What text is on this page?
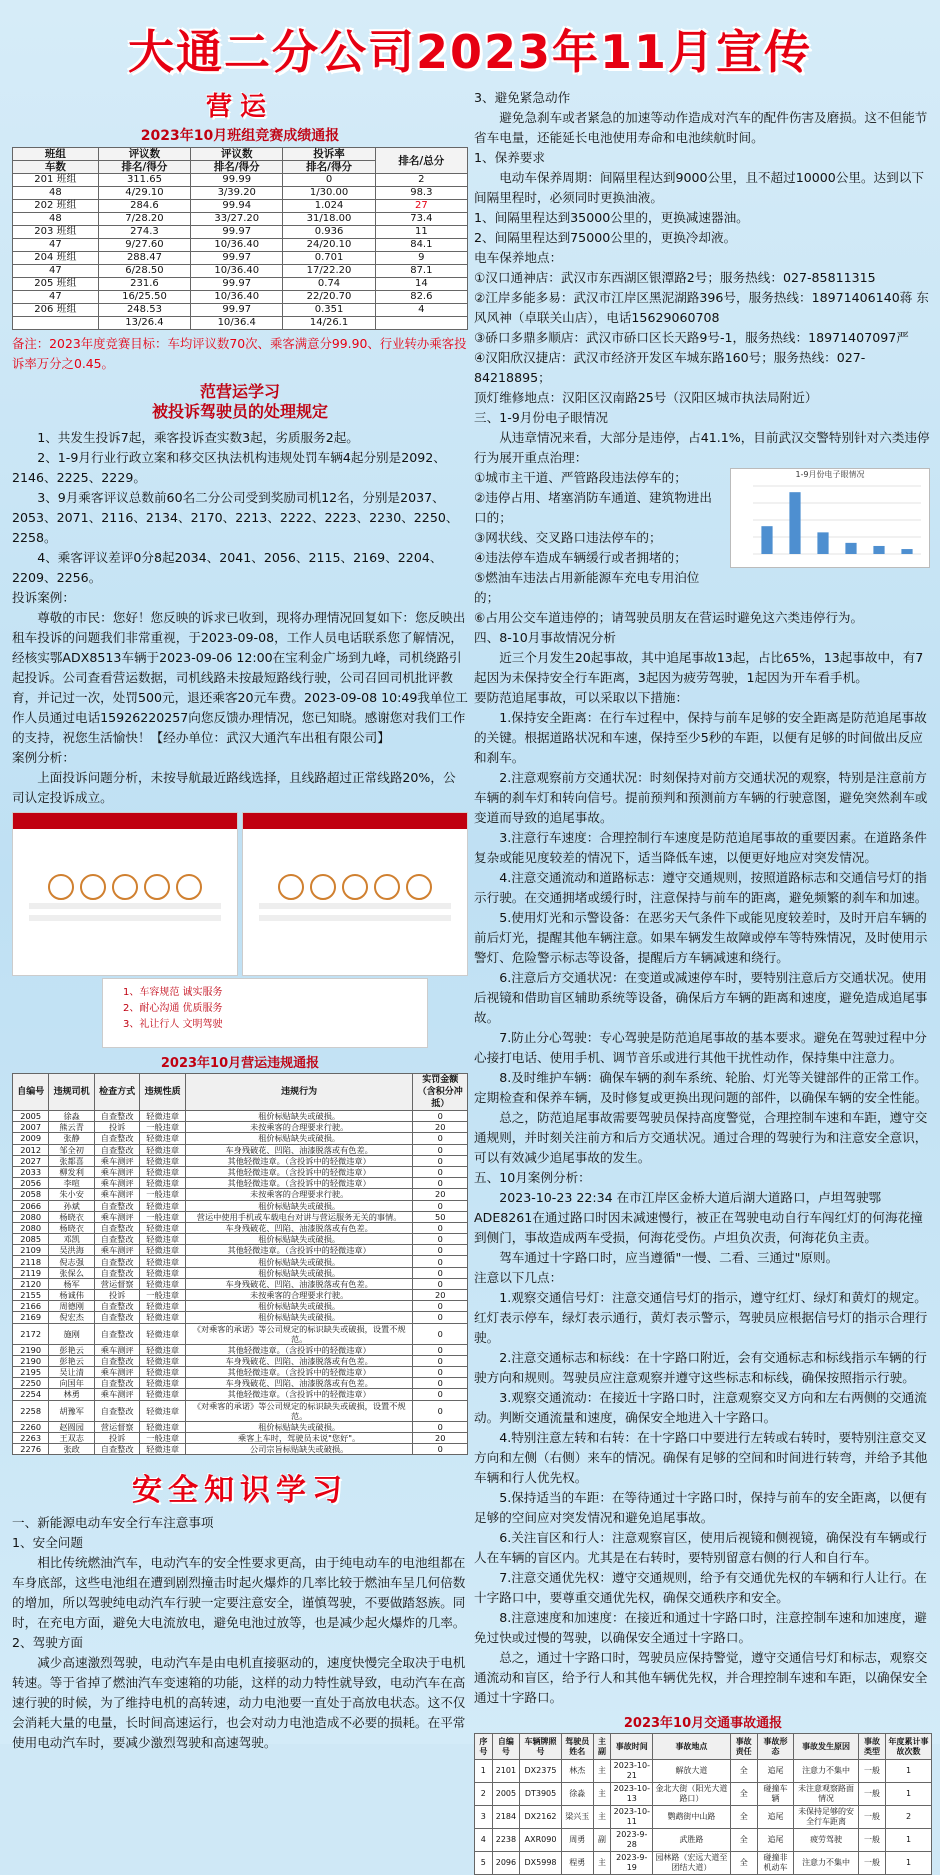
大通二分公司2023年11月宣传
营运
2023年10月班组竞赛成绩通报
班组	评议数	评议数	投诉率	排名/总分
车数	排名/得分	排名/得分	排名/得分	
201 班组	311.65	99.99	0	2
48	4/29.10	3/39.20	1/30.00	98.3
202 班组	284.6	99.94	1.024	27
48	7/28.20	33/27.20	31/18.00	73.4
203 班组	274.3	99.97	0.936	11
47	9/27.60	10/36.40	24/20.10	84.1
204 班组	288.47	99.97	0.701	9
47	6/28.50	10/36.40	17/22.20	87.1
205 班组	231.6	99.97	0.74	14
47	16/25.50	10/36.40	22/20.70	82.6
206 班组	248.53	99.97	0.351	4
	13/26.4	10/36.4	14/26.1	
备注：2023年度竞赛目标：车均评议数70次、乘客满意分99.90、行业转办乘客投诉率万分之0.45。
范营运学习
被投诉驾驶员的处理规定

1、共发生投诉7起，乘客投诉查实数3起，劣质服务2起。

2、1-9月行业行政立案和移交区执法机构违规处罚车辆4起分别是2092、2146、2225、2229。

3、9月乘客评议总数前60名二分公司受到奖励司机12名，分别是2037、2053、2071、2116、2134、2170、2213、2222、2223、2230、2250、2258。

4、乘客评议差评0分8起2034、2041、2056、2115、2169、2204、2209、2256。

投诉案例：

尊敬的市民：您好！您反映的诉求已收到，现将办理情况回复如下：您反映出租车投诉的问题我们非常重视，于2023-09-08，工作人员电话联系您了解情况，经核实鄂ADX8513车辆于2023-09-06 12:00在宝利金广场到九峰，司机绕路引起投诉。公司查看营运数据，司机线路未按最短路线行驶，公司召回司机批评教育，并记过一次，处罚500元，退还乘客20元车费。2023-09-08 10:49我单位工作人员通过电话15926220257向您反馈办理情况，您已知晓。感谢您对我们工作的支持，祝您生活愉快！【经办单位：武汉大通汽车出租有限公司】

案例分析：

上面投诉问题分析，未按导航最近路线选择，且线路超过正常线路20%，公司认定投诉成立。

1、车容规范 诚实服务
2、耐心沟通 优质服务
3、礼让行人 文明驾驶
2023年10月营运违规通报
自编号	违规司机	检查方式	违规性质	违规行为	实罚金额（含积分冲抵）
2005	徐淼	自查整改	轻微违章	租价标贴缺失或破损。	0
2007	熊云青	投诉	一般违章	未按乘客的合理要求行驶。	20
2009	张静	自查整改	轻微违章	租价标贴缺失或破损。	0
2012	邹全初	自查整改	轻微违章	车身残破花、凹陷、油漆脱落或有色差。	0
2027	张都喜	乘车测评	轻微违章	其他轻微违章。（含投诉中的轻微违章）	0
2033	柳发利	乘车测评	轻微违章	其他轻微违章。（含投诉中的轻微违章）	0
2056	李喧	乘车测评	轻微违章	其他轻微违章。（含投诉中的轻微违章）	0
2058	朱小安	乘车测评	一般违章	未按乘客的合理要求行驶。	20
2066	孙斌	自查整改	轻微违章	租价标贴缺失或破损。	0
2080	杨晓衣	乘车测评	一般违章	营运中使用手机或车载电台对讲与营运服务无关的事情。	50
2080	杨晓衣	自查整改	轻微违章	车身残破花、凹陷、油漆脱落或有色差。	0
2085	邓凯	自查整改	轻微违章	租价标贴缺失或破损。	0
2109	吴洪海	乘车测评	轻微违章	其他轻微违章。（含投诉中的轻微违章）	0
2118	倪志强	自查整改	轻微违章	租价标贴缺失或破损。	0
2119	张保么	自查整改	轻微违章	租价标贴缺失或破损。	0
2120	杨军	营运督察	轻微违章	车身残破花、凹陷、油漆脱落或有色差。	0
2155	杨诚伟	投诉	一般违章	未按乘客的合理要求行驶。	20
2166	周德刚	自查整改	轻微违章	租价标贴缺失或破损。	0
2169	倪宏杰	自查整改	轻微违章	租价标贴缺失或破损。	0
2172	施刚	自查整改	轻微违章	《对乘客的承诺》等公司规定的标识缺失或破损，设置不规范。	0
2190	彭艳云	乘车测评	轻微违章	其他轻微违章。（含投诉中的轻微违章）	0
2190	彭艳云	自查整改	轻微违章	车身残破花、凹陷、油漆脱落或有色差。	0
2195	吴让清	乘车测评	轻微违章	其他轻微违章。（含投诉中的轻微违章）	0
2250	向国年	自查整改	轻微违章	车身残破花、凹陷、油漆脱落或有色差。	0
2254	林勇	乘车测评	轻微违章	其他轻微违章。（含投诉中的轻微违章）	0
2258	胡豫军	自查整改	轻微违章	《对乘客的承诺》等公司规定的标识缺失或破损，设置不规范。	0
2260	赵圆园	营运督察	轻微违章	租价标贴缺失或破损。	0
2263	王双志	投诉	一般违章	乘客上车时，驾驶员未说"您好"。	20
2276	张政	自查整改	轻微违章	公司宗旨标贴缺失或破损。	0
安全知识学习

一、新能源电动车安全行车注意事项

1、安全问题

相比传统燃油汽车，电动汽车的安全性要求更高，由于纯电动车的电池组都在车身底部，这些电池组在遭到剧烈撞击时起火爆炸的几率比较于燃油车呈几何倍数的增加，所以驾驶纯电动汽车行驶一定要注意安全，谨慎驾驶，不要做踏怒族。同时，在充电方面，避免大电流放电，避免电池过放等，也是减少起火爆炸的几率。

2、驾驶方面

减少高速激烈驾驶，电动汽车是由电机直接驱动的，速度快慢完全取决于电机转速。等于省掉了燃油汽车变速箱的功能，这样的动力特性就导致，电动汽车在高速行驶的时候，为了维持电机的高转速，动力电池要一直处于高放电状态。这不仅会消耗大量的电量，长时间高速运行，也会对动力电池造成不必要的损耗。在平常使用电动汽车时，要减少激烈驾驶和高速驾驶。

3、避免紧急动作

避免急刹车或者紧急的加速等动作造成对汽车的配件伤害及磨损。这不但能节省车电量，还能延长电池使用寿命和电池续航时间。

1、保养要求

电动车保养周期：间隔里程达到9000公里，且不超过10000公里。达到以下间隔里程时，必须同时更换油液。

1、间隔里程达到35000公里的，更换减速器油。

2、间隔里程达到75000公里的，更换冷却液。

电车保养地点：

①汉口通神店：武汉市东西湖区银潭路2号；服务热线：027-85811315

②江岸多能多易：武汉市江岸区黑泥湖路396号，服务热线：18971406140蒋 东风风神（卓联关山店），电话15629060708

③硚口多鼎多顺店：武汉市硚口区长天路9号-1，服务热线：18971407097严

④汉阳欣汉捷店：武汉市经济开发区车城东路160号；服务热线：027-84218895；

顶灯维修地点：汉阳区汉南路25号（汉阳区城市执法局附近）

三、1-9月份电子眼情况

从违章情况来看，大部分是违停，占41.1%，目前武汉交警特别针对六类违停行为展开重点治理：

①城市主干道、严管路段违法停车的；

②违停占用、堵塞消防车通道、建筑物进出口的；

③网状线、交叉路口违法停车的；

④违法停车造成车辆缓行或者拥堵的；

⑤燃油车违法占用新能源车充电专用泊位的；

⑥占用公交车道违停的；请驾驶员朋友在营运时避免这六类违停行为。

1-9月份电子眼情况

四、8-10月事故情况分析

近三个月发生20起事故，其中追尾事故13起，占比65%，13起事故中，有7起因为未保持安全行车距离，3起因为疲劳驾驶，1起因为开车看手机。

要防范追尾事故，可以采取以下措施：

1.保持安全距离：在行车过程中，保持与前车足够的安全距离是防范追尾事故的关键。根据道路状况和车速，保持至少5秒的车距，以便有足够的时间做出反应和刹车。

2.注意观察前方交通状况：时刻保持对前方交通状况的观察，特别是注意前方车辆的刹车灯和转向信号。提前预判和预测前方车辆的行驶意图，避免突然刹车或变道而导致的追尾事故。

3.注意行车速度：合理控制行车速度是防范追尾事故的重要因素。在道路条件复杂或能见度较差的情况下，适当降低车速，以便更好地应对突发情况。

4.注意交通流动和道路标志：遵守交通规则，按照道路标志和交通信号灯的指示行驶。在交通拥堵或缓行时，注意保持与前车的距离，避免频繁的刹车和加速。

5.使用灯光和示警设备：在恶劣天气条件下或能见度较差时，及时开启车辆的前后灯光，提醒其他车辆注意。如果车辆发生故障或停车等特殊情况，及时使用示警灯、危险警示标志等设备，提醒后方车辆减速和绕行。

6.注意后方交通状况：在变道或减速停车时，要特别注意后方交通状况。使用后视镜和借助盲区辅助系统等设备，确保后方车辆的距离和速度，避免造成追尾事故。

7.防止分心驾驶：专心驾驶是防范追尾事故的基本要求。避免在驾驶过程中分心接打电话、使用手机、调节音乐或进行其他干扰性动作，保持集中注意力。

8.及时维护车辆：确保车辆的刹车系统、轮胎、灯光等关键部件的正常工作。定期检查和保养车辆，及时修复或更换出现问题的部件，以确保车辆的安全性能。

总之，防范追尾事故需要驾驶员保持高度警觉，合理控制车速和车距，遵守交通规则，并时刻关注前方和后方交通状况。通过合理的驾驶行为和注意安全意识，可以有效减少追尾事故的发生。

五、10月案例分析：

2023-10-23 22:34 在市江岸区金桥大道后湖大道路口，卢坦驾驶鄂ADE8261在通过路口时因未减速慢行，被正在驾驶电动自行车闯红灯的何海花撞到侧门，事故造成两车受损，何海花受伤。卢坦负次责，何海花负主责。

驾车通过十字路口时，应当遵循"一慢、二看、三通过"原则。

注意以下几点：

1.观察交通信号灯：注意交通信号灯的指示，遵守红灯、绿灯和黄灯的规定。红灯表示停车，绿灯表示通行，黄灯表示警示，驾驶员应根据信号灯的指示合理行驶。

2.注意交通标志和标线：在十字路口附近，会有交通标志和标线指示车辆的行驶方向和规则。驾驶员应注意观察并遵守这些标志和标线，确保按照指示行驶。

3.观察交通流动：在接近十字路口时，注意观察交叉方向和左右两侧的交通流动。判断交通流量和速度，确保安全地进入十字路口。

4.特别注意左转和右转：在十字路口中要进行左转或右转时，要特别注意交叉方向和左侧（右侧）来车的情况。确保有足够的空间和时间进行转弯，并给予其他车辆和行人优先权。

5.保持适当的车距：在等待通过十字路口时，保持与前车的安全距离，以便有足够的空间应对突发情况和避免追尾事故。

6.关注盲区和行人：注意观察盲区，使用后视镜和侧视镜，确保没有车辆或行人在车辆的盲区内。尤其是在右转时，要特别留意右侧的行人和自行车。

7.注意交通优先权：遵守交通规则，给予有交通优先权的车辆和行人让行。在十字路口中，要尊重交通优先权，确保交通秩序和安全。

8.注意速度和加速度：在接近和通过十字路口时，注意控制车速和加速度，避免过快或过慢的驾驶，以确保安全通过十字路口。

总之，通过十字路口时，驾驶员应保持警觉，遵守交通信号灯和标志，观察交通流动和盲区，给予行人和其他车辆优先权，并合理控制车速和车距，以确保安全通过十字路口。

2023年10月交通事故通报
序号	自编号	车辆牌照号	驾驶员姓名	主副	事故时间	事故地点	事故责任	事故形态	事故发生原因	事故类型	年度累计事故次数
1	2101	DX2375	林杰	主	2023-10-21	解放大道	全	追尾	注意力不集中	一般	1
2	2005	DT3905	徐淼	主	2023-10-13	金北大街（阳光大道路口）	全	碰撞车辆	未注意观察路面情况	一般	1
3	2184	DX2162	梁兴玉	主	2023-10-11	鹦鹉街中山路	全	追尾	未保持足够的安全行车距离	一般	2
4	2238	AXR090	周勇	副	2023-9-28	武胜路	全	追尾	疲劳驾驶	一般	1
5	2096	DX5998	程勇	主	2023-9-19	园林路（宏远大道至团结大道）	全	碰撞非机动车	注意力不集中	一般	1
